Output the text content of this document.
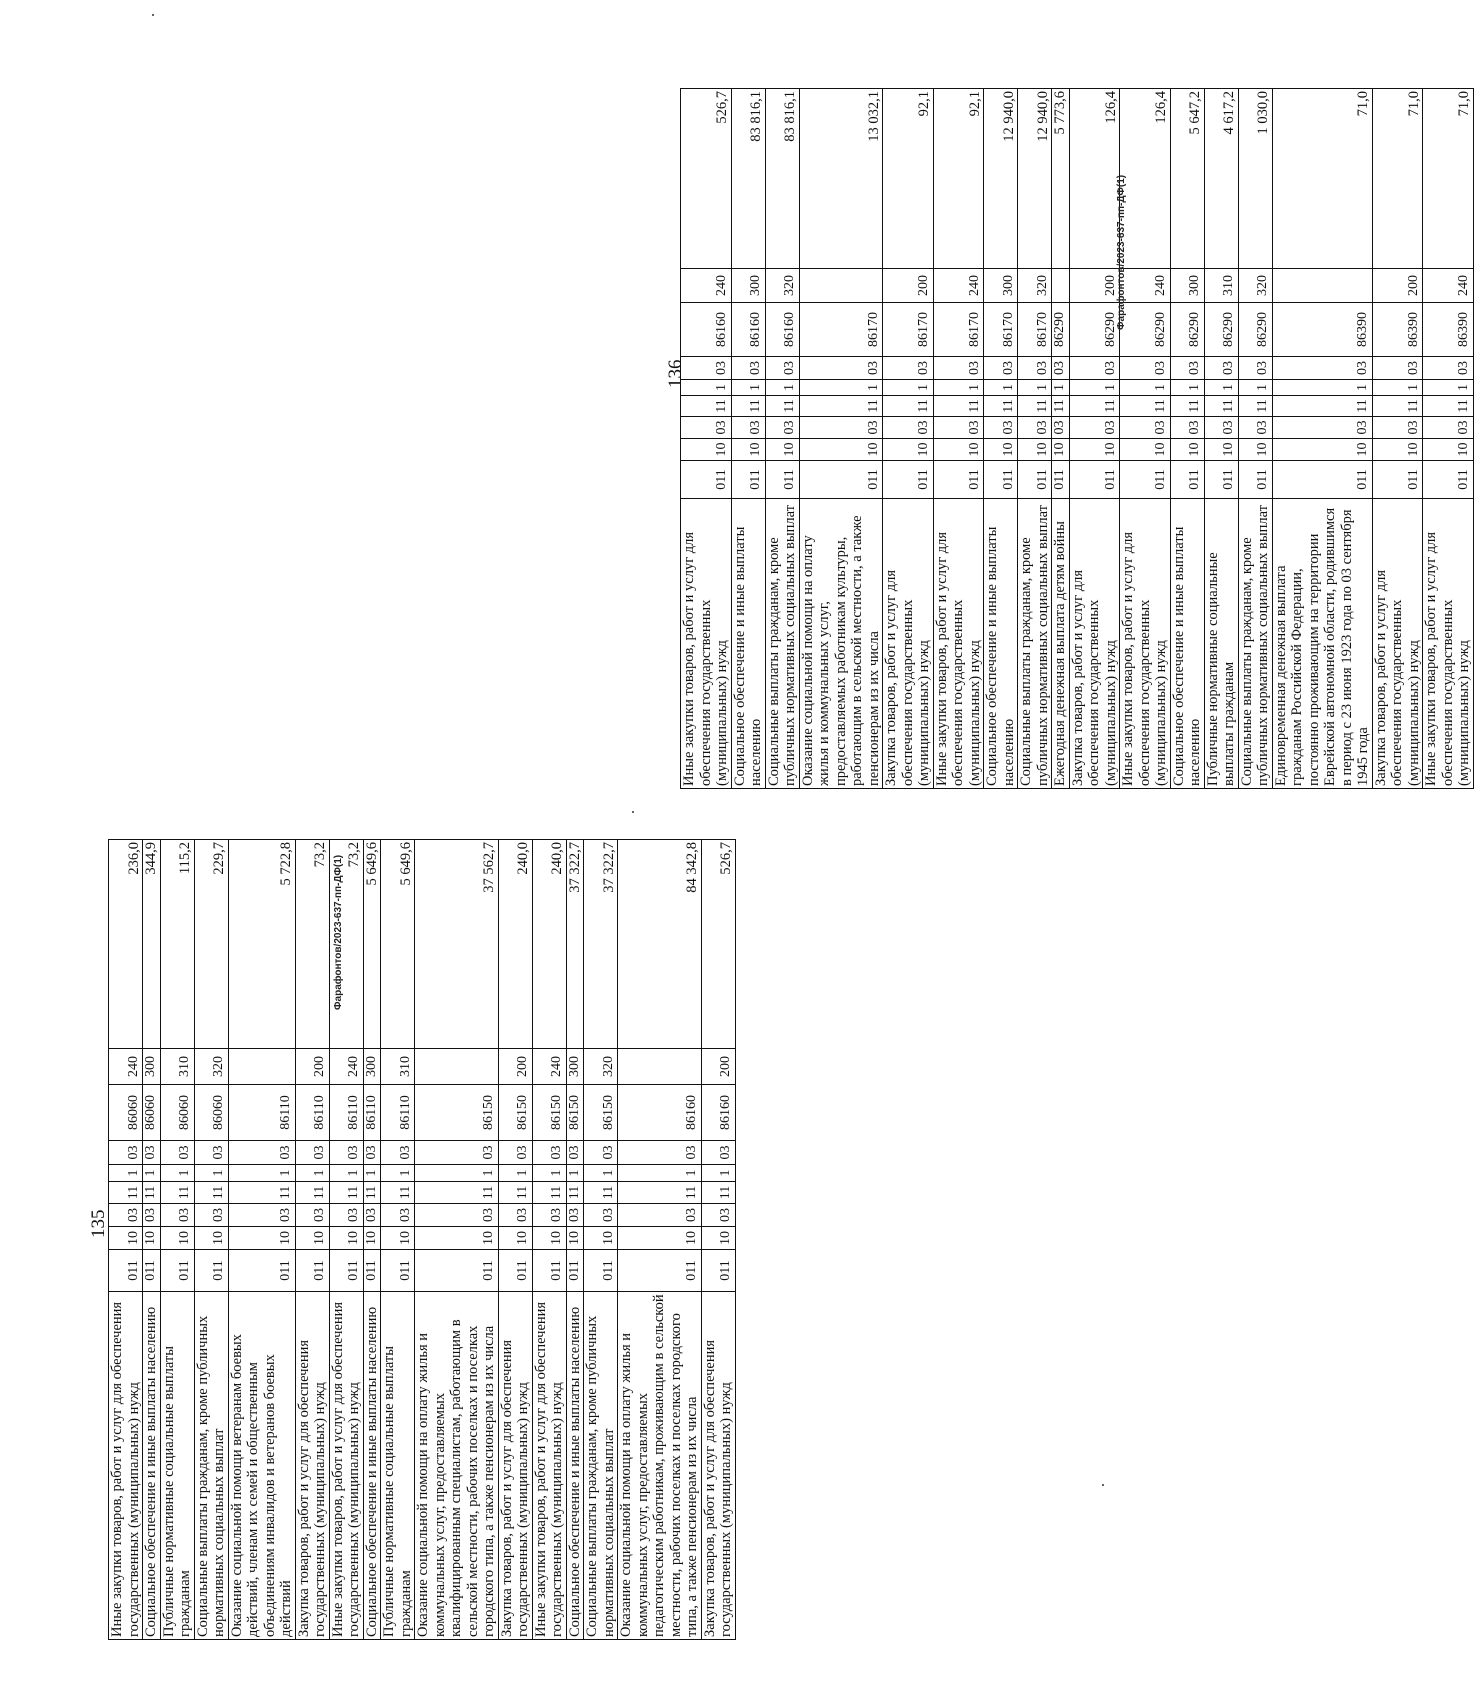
135
Иные закупки товаров, работ и услуг для обеспечения государственных (муниципальных) нужд	011	10	03	11	1	03	86060	240	236,0
Социальное обеспечение и иные выплаты населению	011	10	03	11	1	03	86060	300	344,9
Публичные нормативные социальные выплаты гражданам	011	10	03	11	1	03	86060	310	115,2
Социальные выплаты гражданам, кроме публичных нормативных социальных выплат	011	10	03	11	1	03	86060	320	229,7
Оказание социальной помощи ветеранам боевых действий, членам их семей и общественным объединениям инвалидов и ветеранов боевых действий	011	10	03	11	1	03	86110		5 722,8
Закупка товаров, работ и услуг для обеспечения государственных (муниципальных) нужд	011	10	03	11	1	03	86110	200	73,2
Иные закупки товаров, работ и услуг для обеспечения государственных (муниципальных) нужд	011	10	03	11	1	03	86110	240	73,2
Социальное обеспечение и иные выплаты населению	011	10	03	11	1	03	86110	300	5 649,6
Публичные нормативные социальные выплаты гражданам	011	10	03	11	1	03	86110	310	5 649,6
Оказание социальной помощи на оплату жилья и коммунальных услуг, предоставляемых квалифицированным специалистам, работающим в сельской местности, рабочих поселках и поселках городского типа, а также пенсионерам из их числа	011	10	03	11	1	03	86150		37 562,7
Закупка товаров, работ и услуг для обеспечения государственных (муниципальных) нужд	011	10	03	11	1	03	86150	200	240,0
Иные закупки товаров, работ и услуг для обеспечения государственных (муниципальных) нужд	011	10	03	11	1	03	86150	240	240,0
Социальное обеспечение и иные выплаты населению	011	10	03	11	1	03	86150	300	37 322,7
Социальные выплаты гражданам, кроме публичных нормативных социальных выплат	011	10	03	11	1	03	86150	320	37 322,7
Оказание социальной помощи на оплату жилья и коммунальных услуг, предоставляемых педагогическим работникам, проживающим в сельской местности, рабочих поселках и поселках городского типа, а также пенсионерам из их числа	011	10	03	11	1	03	86160		84 342,8
Закупка товаров, работ и услуг для обеспечения государственных (муниципальных) нужд	011	10	03	11	1	03	86160	200	526,7
Фарафонтов/2023-637-пп-ДФ(1)
136
Иные закупки товаров, работ и услуг для обеспечения государственных (муниципальных) нужд	011	10	03	11	1	03	86160	240	526,7
Социальное обеспечение и иные выплаты населению	011	10	03	11	1	03	86160	300	83 816,1
Социальные выплаты гражданам, кроме публичных нормативных социальных выплат	011	10	03	11	1	03	86160	320	83 816,1
Оказание социальной помощи на оплату жилья и коммунальных услуг, предоставляемых работникам культуры, работающим в сельской местности, а также пенсионерам из их числа	011	10	03	11	1	03	86170		13 032,1
Закупка товаров, работ и услуг для обеспечения государственных (муниципальных) нужд	011	10	03	11	1	03	86170	200	92,1
Иные закупки товаров, работ и услуг для обеспечения государственных (муниципальных) нужд	011	10	03	11	1	03	86170	240	92,1
Социальное обеспечение и иные выплаты населению	011	10	03	11	1	03	86170	300	12 940,0
Социальные выплаты гражданам, кроме публичных нормативных социальных выплат	011	10	03	11	1	03	86170	320	12 940,0
Ежегодная денежная выплата детям войны	011	10	03	11	1	03	86290		5 773,6
Закупка товаров, работ и услуг для обеспечения государственных (муниципальных) нужд	011	10	03	11	1	03	86290	200	126,4
Иные закупки товаров, работ и услуг для обеспечения государственных (муниципальных) нужд	011	10	03	11	1	03	86290	240	126,4
Социальное обеспечение и иные выплаты населению	011	10	03	11	1	03	86290	300	5 647,2
Публичные нормативные социальные выплаты гражданам	011	10	03	11	1	03	86290	310	4 617,2
Социальные выплаты гражданам, кроме публичных нормативных социальных выплат	011	10	03	11	1	03	86290	320	1 030,0
Единовременная денежная выплата гражданам Российской Федерации, постоянно проживающим на территории Еврейской автономной области, родившимся в период с 23 июня 1923 года по 03 сентября 1945 года	011	10	03	11	1	03	86390		71,0
Закупка товаров, работ и услуг для обеспечения государственных (муниципальных) нужд	011	10	03	11	1	03	86390	200	71,0
Иные закупки товаров, работ и услуг для обеспечения государственных (муниципальных) нужд	011	10	03	11	1	03	86390	240	71,0
Фарафонтов/2023-637-пп-ДФ(1)
